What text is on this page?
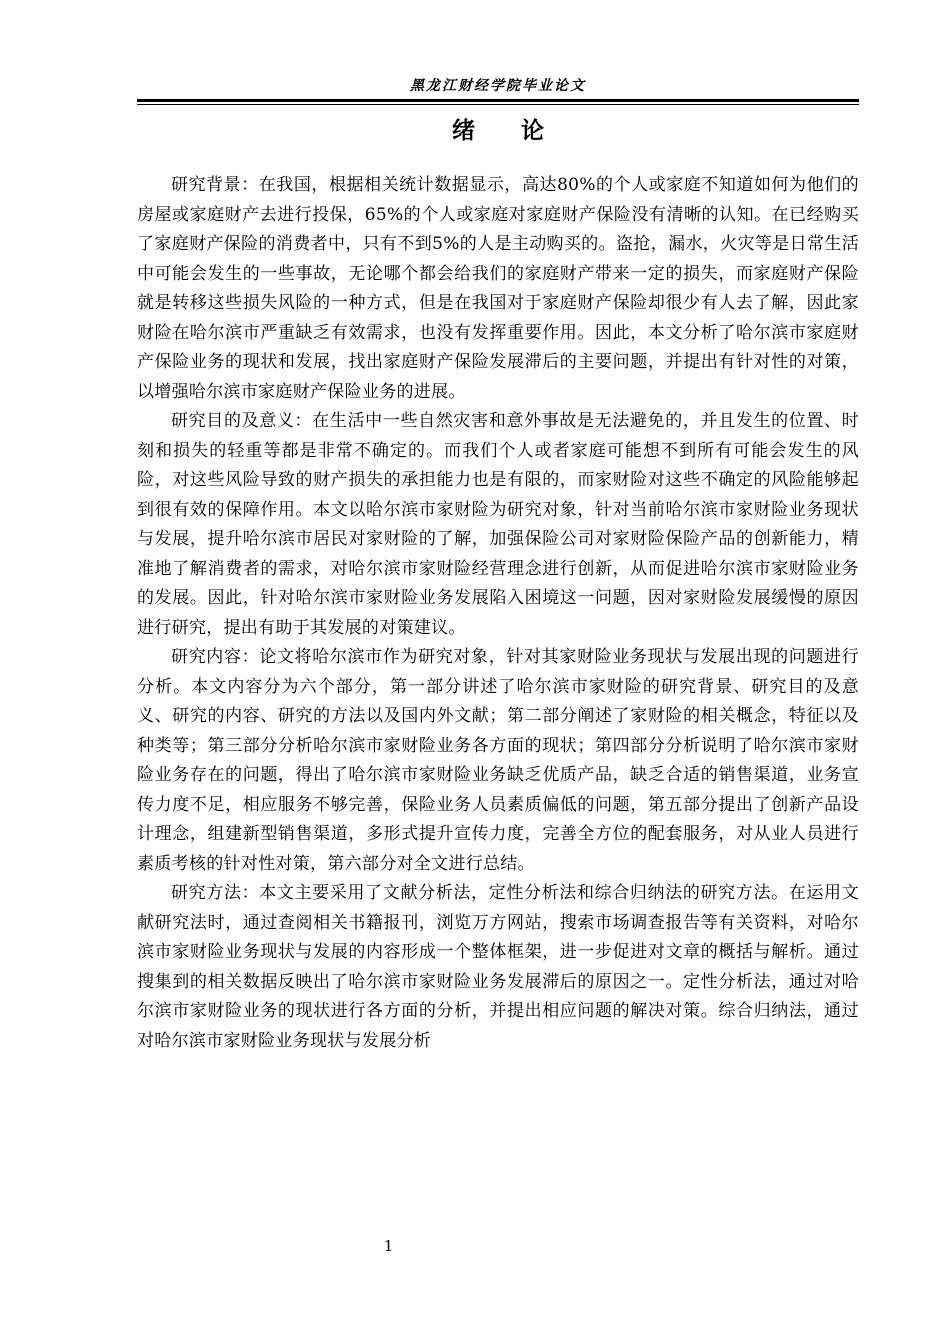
黑龙江财经学院毕业论文
绪 论

研究背景：在我国，根据相关统计数据显示，高达80%的个人或家庭不知道如何为他们的房屋或家庭财产去进行投保，65%的个人或家庭对家庭财产保险没有清晰的认知。在已经购买了家庭财产保险的消费者中，只有不到5%的人是主动购买的。盗抢，漏水，火灾等是日常生活中可能会发生的一些事故，无论哪个都会给我们的家庭财产带来一定的损失，而家庭财产保险就是转移这些损失风险的一种方式，但是在我国对于家庭财产保险却很少有人去了解，因此家财险在哈尔滨市严重缺乏有效需求，也没有发挥重要作用。因此，本文分析了哈尔滨市家庭财产保险业务的现状和发展，找出家庭财产保险发展滞后的主要问题，并提出有针对性的对策，以增强哈尔滨市家庭财产保险业务的进展。

研究目的及意义：在生活中一些自然灾害和意外事故是无法避免的，并且发生的位置、时刻和损失的轻重等都是非常不确定的。而我们个人或者家庭可能想不到所有可能会发生的风险，对这些风险导致的财产损失的承担能力也是有限的，而家财险对这些不确定的风险能够起到很有效的保障作用。本文以哈尔滨市家财险为研究对象，针对当前哈尔滨市家财险业务现状与发展，提升哈尔滨市居民对家财险的了解，加强保险公司对家财险保险产品的创新能力，精准地了解消费者的需求，对哈尔滨市家财险经营理念进行创新，从而促进哈尔滨市家财险业务的发展。因此，针对哈尔滨市家财险业务发展陷入困境这一问题，因对家财险发展缓慢的原因进行研究，提出有助于其发展的对策建议。

研究内容：论文将哈尔滨市作为研究对象，针对其家财险业务现状与发展出现的问题进行分析。本文内容分为六个部分，第一部分讲述了哈尔滨市家财险的研究背景、研究目的及意义、研究的内容、研究的方法以及国内外文献；第二部分阐述了家财险的相关概念，特征以及种类等；第三部分分析哈尔滨市家财险业务各方面的现状；第四部分分析说明了哈尔滨市家财险业务存在的问题，得出了哈尔滨市家财险业务缺乏优质产品，缺乏合适的销售渠道，业务宣传力度不足，相应服务不够完善，保险业务人员素质偏低的问题，第五部分提出了创新产品设计理念，组建新型销售渠道，多形式提升宣传力度，完善全方位的配套服务，对从业人员进行素质考核的针对性对策，第六部分对全文进行总结。

研究方法：本文主要采用了文献分析法，定性分析法和综合归纳法的研究方法。在运用文献研究法时，通过查阅相关书籍报刊，浏览万方网站，搜索市场调查报告等有关资料，对哈尔滨市家财险业务现状与发展的内容形成一个整体框架，进一步促进对文章的概括与解析。通过搜集到的相关数据反映出了哈尔滨市家财险业务发展滞后的原因之一。定性分析法，通过对哈尔滨市家财险业务的现状进行各方面的分析，并提出相应问题的解决对策。综合归纳法，通过对哈尔滨市家财险业务现状与发展分析

1
